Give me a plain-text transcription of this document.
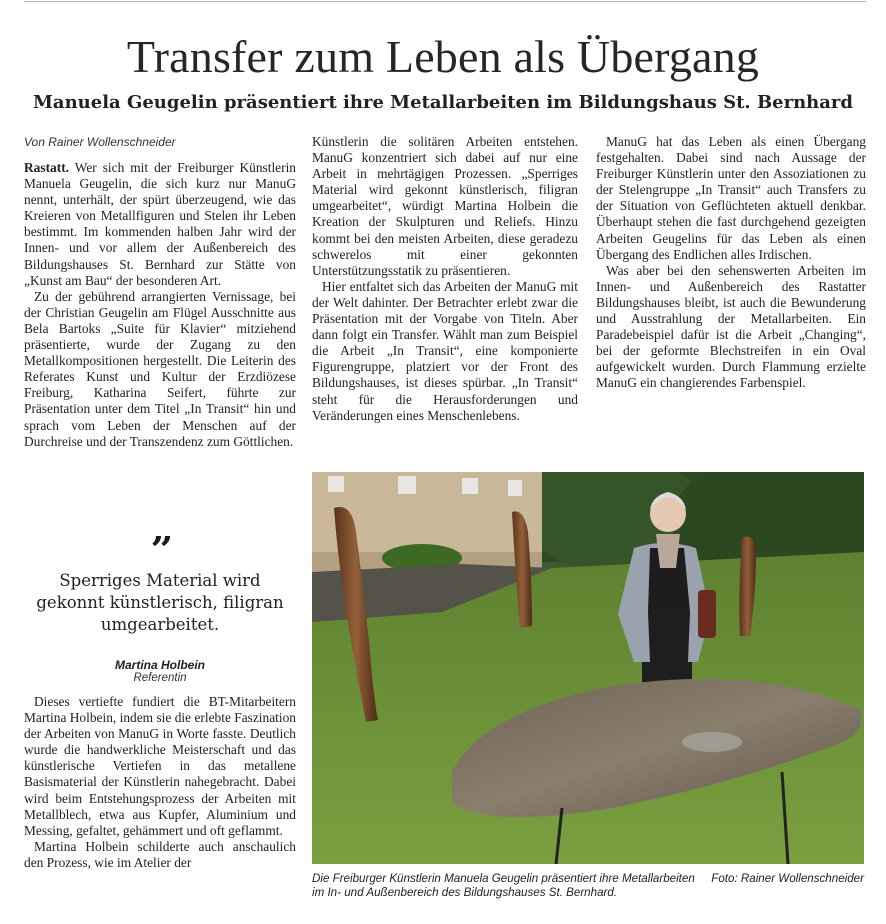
Transfer zum Leben als Übergang
Manuela Geugelin präsentiert ihre Metallarbeiten im Bildungshaus St. Bernhard
Von Rainer Wollenschneider

Rastatt. Wer sich mit der Freiburger Künstlerin Manuela Geugelin, die sich kurz nur ManuG nennt, unterhält, der spürt überzeugend, wie das Kreieren von Metallfiguren und Stelen ihr Leben bestimmt. Im kommenden halben Jahr wird der Innen- und vor allem der Außenbereich des Bildungshauses St. Bernhard zur Stätte von „Kunst am Bau“ der besonderen Art.

Zu der gebührend arrangierten Vernissage, bei der Christian Geugelin am Flügel Ausschnitte aus Bela Bartoks „Suite für Klavier“ mitziehend präsentierte, wurde der Zugang zu den Metallkompositionen hergestellt. Die Leiterin des Referates Kunst und Kultur der Erzdiözese Freiburg, Katharina Seifert, führte zur Präsentation unter dem Titel „In Transit“ hin und sprach vom Leben der Menschen auf der Durchreise und der Transzendenz zum Göttlichen.

”
Sperriges Material wird gekonnt künstlerisch, filigran umgearbeitet.
Martina Holbein
Referentin

Dieses vertiefte fundiert die BT-Mitarbeitern Martina Holbein, indem sie die erlebte Faszination der Arbeiten von ManuG in Worte fasste. Deutlich wurde die handwerkliche Meisterschaft und das künstlerische Vertiefen in das metallene Basismaterial der Künstlerin nahegebracht. Dabei wird beim Entstehungsprozess der Arbeiten mit Metallblech, etwa aus Kupfer, Aluminium und Messing, gefaltet, gehämmert und oft geflammt.

Martina Holbein schilderte auch anschaulich den Prozess, wie im Atelier der

Künstlerin die solitären Arbeiten entstehen. ManuG konzentriert sich dabei auf nur eine Arbeit in mehrtägigen Prozessen. „Sperriges Material wird gekonnt künstlerisch, filigran umgearbeitet“, würdigt Martina Holbein die Kreation der Skulpturen und Reliefs. Hinzu kommt bei den meisten Arbeiten, diese geradezu schwerelos mit einer gekonnten Unterstützungsstatik zu präsentieren.

Hier entfaltet sich das Arbeiten der ManuG mit der Welt dahinter. Der Betrachter erlebt zwar die Präsentation mit der Vorgabe von Titeln. Aber dann folgt ein Transfer. Wählt man zum Beispiel die Arbeit „In Transit“, eine komponierte Figurengruppe, platziert vor der Front des Bildungshauses, ist dieses spürbar. „In Transit“ steht für die Herausforderungen und Veränderungen eines Menschenlebens.

ManuG hat das Leben als einen Übergang festgehalten. Dabei sind nach Aussage der Freiburger Künstlerin unter den Assoziationen zu der Stelengruppe „In Transit“ auch Transfers zu der Situation von Geflüchteten aktuell denkbar. Überhaupt stehen die fast durchgehend gezeigten Arbeiten Geugelins für das Leben als einen Übergang des Endlichen alles Irdischen.

Was aber bei den sehenswerten Arbeiten im Innen- und Außenbereich des Rastatter Bildungshauses bleibt, ist auch die Bewunderung und Ausstrahlung der Metallarbeiten. Ein Paradebeispiel dafür ist die Arbeit „Changing“, bei der geformte Blechstreifen in ein Oval aufgewickelt wurden. Durch Flammung erzielte ManuG ein changierendes Farbenspiel.

Foto: Rainer Wollenschneider
Die Freiburger Künstlerin Manuela Geugelin präsentiert ihre Metallarbeiten im In- und Außenbereich des Bildungshauses St. Bernhard.
